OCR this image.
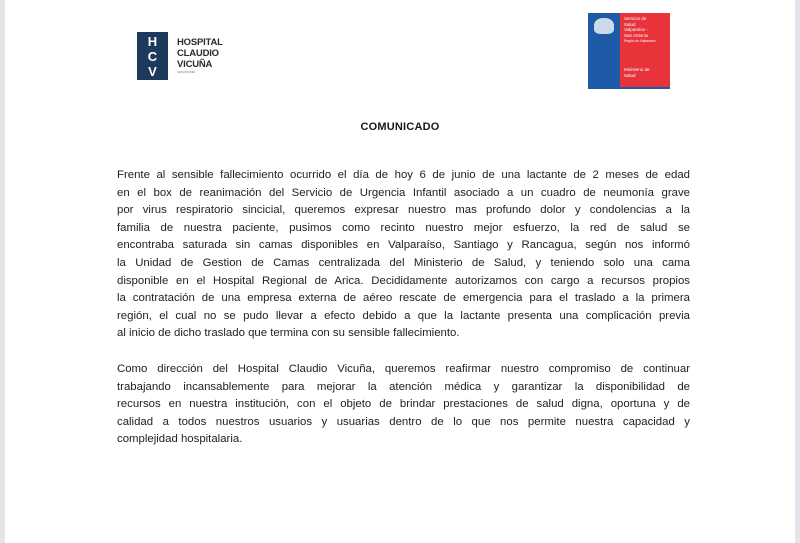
H
C
V
HOSPITAL
CLAUDIO
VICUÑA
SAN ANTONIO
Servicio de
Salud
Valparaíso -
San Antonio
Región de Valparaíso
Ministerio de
Salud
COMUNICADO
Frente al sensible fallecimiento ocurrido el día de hoy 6 de junio de una lactante de 2 meses de edad
en el box de reanimación del Servicio de Urgencia Infantil asociado a un cuadro de neumonía grave
por virus respiratorio sincicial, queremos expresar nuestro mas profundo dolor y condolencias a la
familia de nuestra paciente, pusimos como recinto nuestro mejor esfuerzo, la red de salud se
encontraba saturada sin camas disponibles en Valparaíso, Santiago y Rancagua, según nos informó
la Unidad de Gestion de Camas centralizada del Ministerio de Salud, y teniendo solo una cama
disponible en el Hospital Regional de Arica. Decididamente autorizamos con cargo a recursos propios
la contratación de una empresa externa de aéreo rescate de emergencia para el traslado a la primera
región, el cual no se pudo llevar a efecto debido a que la lactante presenta una complicación previa
al inicio de dicho traslado que termina con su sensible fallecimiento.
Como dirección del Hospital Claudio Vicuña, queremos reafirmar nuestro compromiso de continuar
trabajando incansablemente para mejorar la atención médica y garantizar la disponibilidad de
recursos en nuestra institución, con el objeto de brindar prestaciones de salud digna, oportuna y de
calidad a todos nuestros usuarios y usuarias dentro de lo que nos permite nuestra capacidad y
complejidad hospitalaria.
